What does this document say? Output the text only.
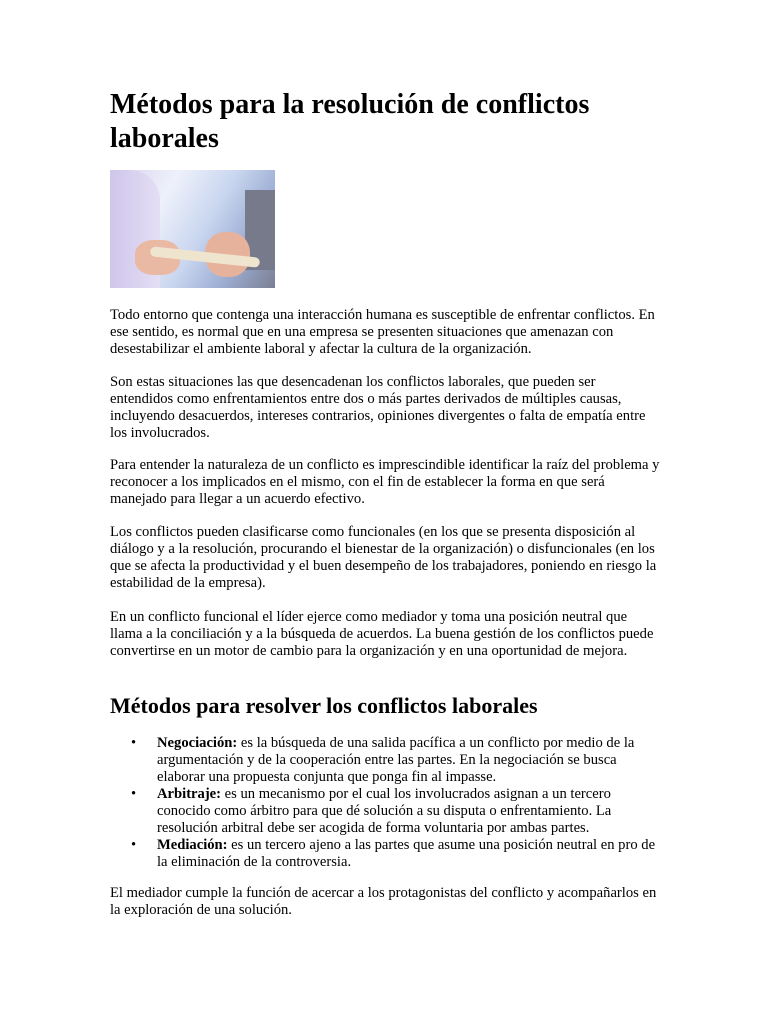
Métodos para la resolución de conflictos laborales

Todo entorno que contenga una interacción humana es susceptible de enfrentar conflictos. En ese sentido, es normal que en una empresa se presenten situaciones que amenazan con desestabilizar el ambiente laboral y afectar la cultura de la organización.

Son estas situaciones las que desencadenan los conflictos laborales, que pueden ser entendidos como enfrentamientos entre dos o más partes derivados de múltiples causas, incluyendo desacuerdos, intereses contrarios, opiniones divergentes o falta de empatía entre los involucrados.

Para entender la naturaleza de un conflicto es imprescindible identificar la raíz del problema y reconocer a los implicados en el mismo, con el fin de establecer la forma en que será manejado para llegar a un acuerdo efectivo.

Los conflictos pueden clasificarse como funcionales (en los que se presenta disposición al diálogo y a la resolución, procurando el bienestar de la organización) o disfuncionales (en los que se afecta la productividad y el buen desempeño de los trabajadores, poniendo en riesgo la estabilidad de la empresa).

En un conflicto funcional el líder ejerce como mediador y toma una posición neutral que llama a la conciliación y a la búsqueda de acuerdos. La buena gestión de los conflictos puede convertirse en un motor de cambio para la organización y en una oportunidad de mejora.

Métodos para resolver los conflictos laborales
• Negociación: es la búsqueda de una salida pacífica a un conflicto por medio de la argumentación y de la cooperación entre las partes. En la negociación se busca elaborar una propuesta conjunta que ponga fin al impasse.
• Arbitraje: es un mecanismo por el cual los involucrados asignan a un tercero conocido como árbitro para que dé solución a su disputa o enfrentamiento. La resolución arbitral debe ser acogida de forma voluntaria por ambas partes.
• Mediación: es un tercero ajeno a las partes que asume una posición neutral en pro de la eliminación de la controversia.

El mediador cumple la función de acercar a los protagonistas del conflicto y acompañarlos en la exploración de una solución.
